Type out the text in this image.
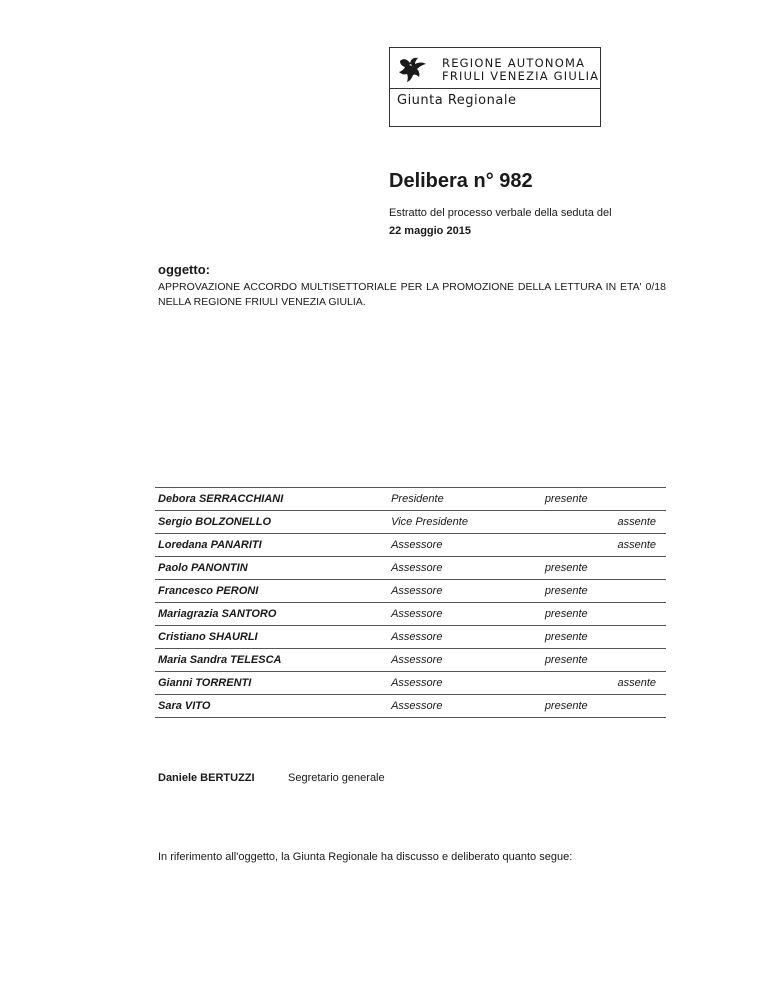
REGIONE AUTONOMA
FRIULI VENEZIA GIULIA
Giunta Regionale
Delibera n° 982
Estratto del processo verbale della seduta del
22 maggio 2015
oggetto:

APPROVAZIONE ACCORDO MULTISETTORIALE PER LA PROMOZIONE DELLA LETTURA IN ETA' 0/18 NELLA REGIONE FRIULI VENEZIA GIULIA.

Debora SERRACCHIANI	Presidente	presente	
Sergio BOLZONELLO	Vice Presidente		assente
Loredana PANARITI	Assessore		assente
Paolo PANONTIN	Assessore	presente	
Francesco PERONI	Assessore	presente	
Mariagrazia SANTORO	Assessore	presente	
Cristiano SHAURLI	Assessore	presente	
Maria Sandra TELESCA	Assessore	presente	
Gianni TORRENTI	Assessore		assente
Sara VITO	Assessore	presente	
Daniele BERTUZZI	Segretario generale
In riferimento all'oggetto, la Giunta Regionale ha discusso e deliberato quanto segue:
